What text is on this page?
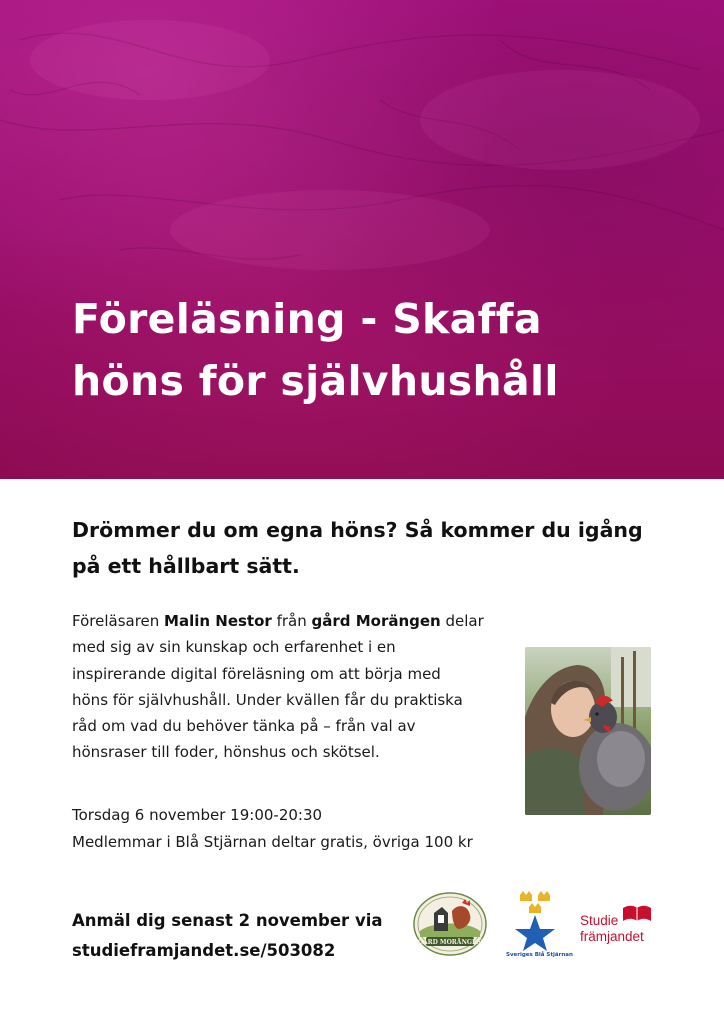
Föreläsning - Skaffa
höns för självhushåll
Drömmer du om egna höns? Så kommer du igång
på ett hållbart sätt.
Föreläsaren Malin Nestor från gård Morängen delar
med sig av sin kunskap och erfarenhet i en
inspirerande digital föreläsning om att börja med
höns för självhushåll. Under kvällen får du praktiska
råd om vad du behöver tänka på – från val av
hönsraser till foder, hönshus och skötsel.
Torsdag 6 november 19:00-20:30
Medlemmar i Blå Stjärnan deltar gratis, övriga 100 kr
Anmäl dig senast 2 november via
studieframjandet.se/503082	GÅRD MORÄNGEN
Sveriges Blå Stjärnan
Studie
främjandet
